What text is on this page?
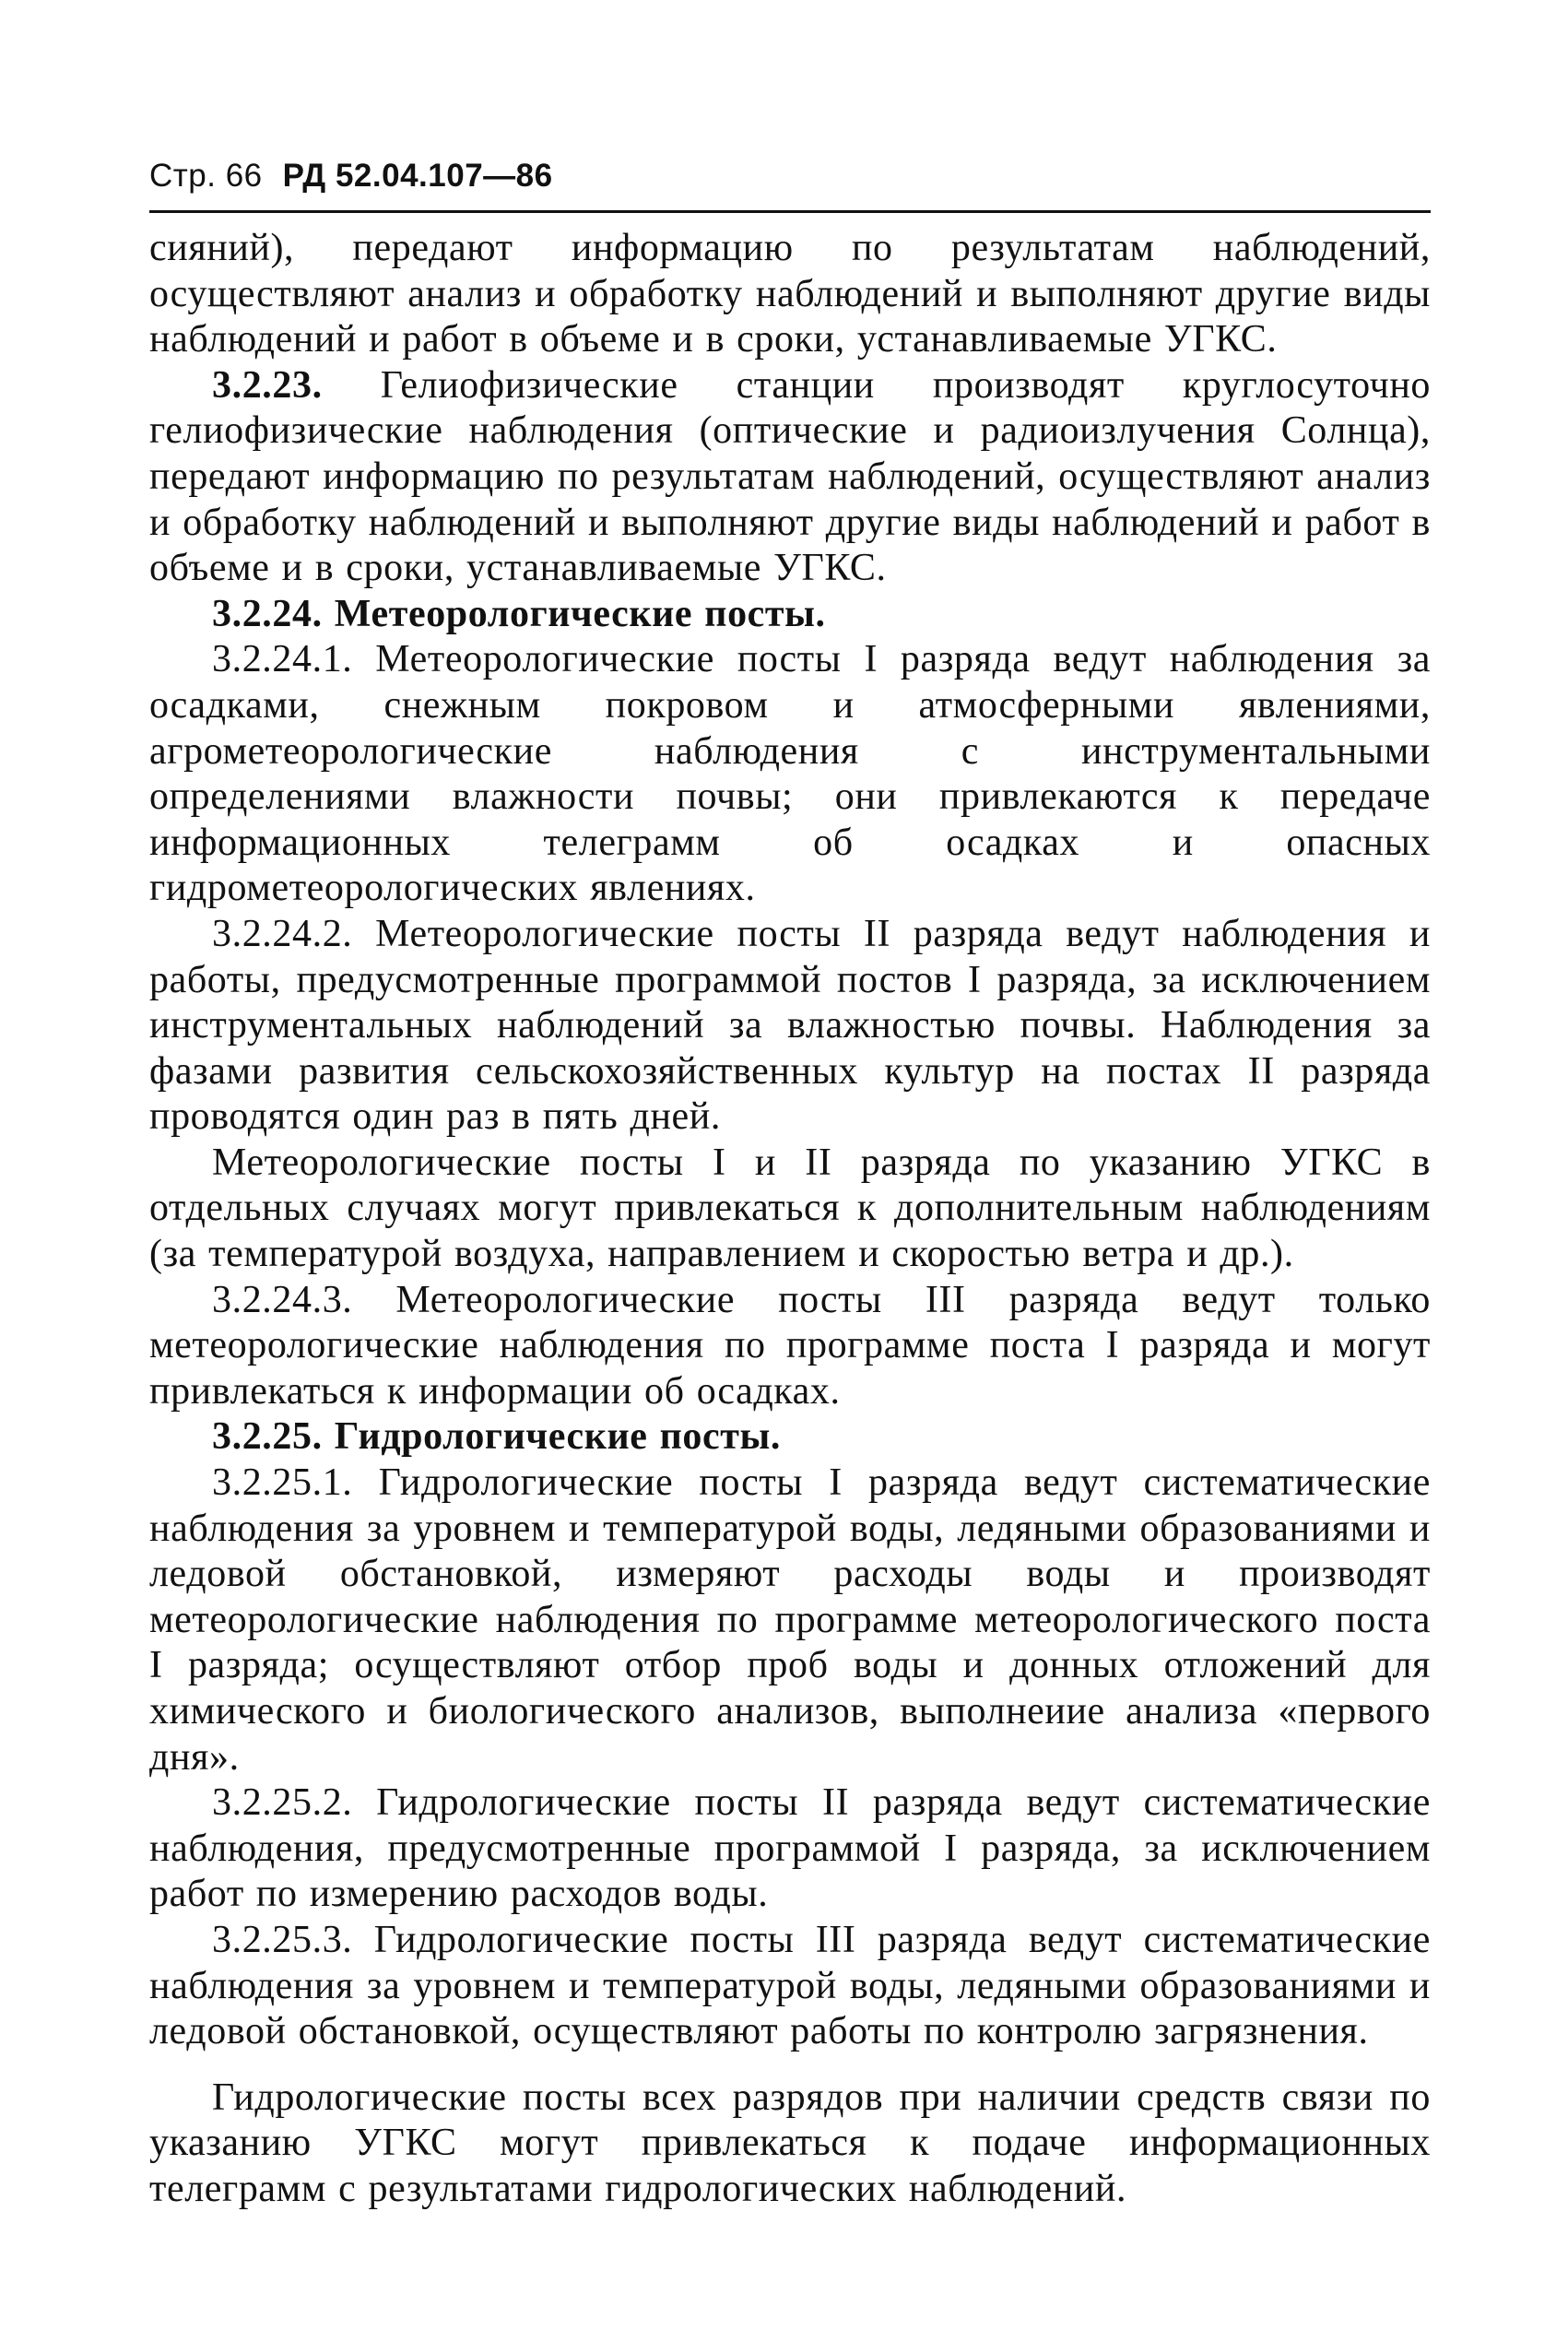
Стр. 66 РД 52.04.107—86

сияний), передают информацию по результатам наблюдений, осуществляют анализ и обработку наблюдений и выполняют другие виды наблюдений и работ в объеме и в сроки, устанавливаемые УГКС.

3.2.23. Гелиофизические станции производят круглосуточно гелиофизические наблюдения (оптические и радиоизлучения Солнца), передают информацию по результатам наблюдений, осуществляют анализ и обработку наблюдений и выполняют другие виды наблюдений и работ в объеме и в сроки, устанавливаемые УГКС.

3.2.24. Метеорологические посты.

3.2.24.1. Метеорологические посты I разряда ведут наблюдения за осадками, снежным покровом и атмосферными явлениями, агрометеорологические наблюдения с инструментальными определениями влажности почвы; они привлекаются к передаче информационных телеграмм об осадках и опасных гидрометеорологических явлениях.

3.2.24.2. Метеорологические посты II разряда ведут наблюдения и работы, предусмотренные программой постов I разряда, за исключением инструментальных наблюдений за влажностью почвы. Наблюдения за фазами развития сельскохозяйственных культур на постах II разряда проводятся один раз в пять дней.

Метеорологические посты I и II разряда по указанию УГКС в отдельных случаях могут привлекаться к дополнительным наблюдениям (за температурой воздуха, направлением и скоростью ветра и др.).

3.2.24.3. Метеорологические посты III разряда ведут только метеорологические наблюдения по программе поста I разряда и могут привлекаться к информации об осадках.

3.2.25. Гидрологические посты.

3.2.25.1. Гидрологические посты I разряда ведут систематические наблюдения за уровнем и температурой воды, ледяными образованиями и ледовой обстановкой, измеряют расходы воды и производят метеорологические наблюдения по программе метеорологического поста I разряда; осуществляют отбор проб воды и донных отложений для химического и биологического анализов, выполнеиие анализа «первого дня».

3.2.25.2. Гидрологические посты II разряда ведут систематические наблюдения, предусмотренные программой I разряда, за исключением работ по измерению расходов воды.

3.2.25.3. Гидрологические посты III разряда ведут систематические наблюдения за уровнем и температурой воды, ледяными образованиями и ледовой обстановкой, осуществляют работы по контролю загрязнения.

Гидрологические посты всех разрядов при наличии средств связи по указанию УГКС могут привлекаться к подаче информационных телеграмм с результатами гидрологических наблюдений.
